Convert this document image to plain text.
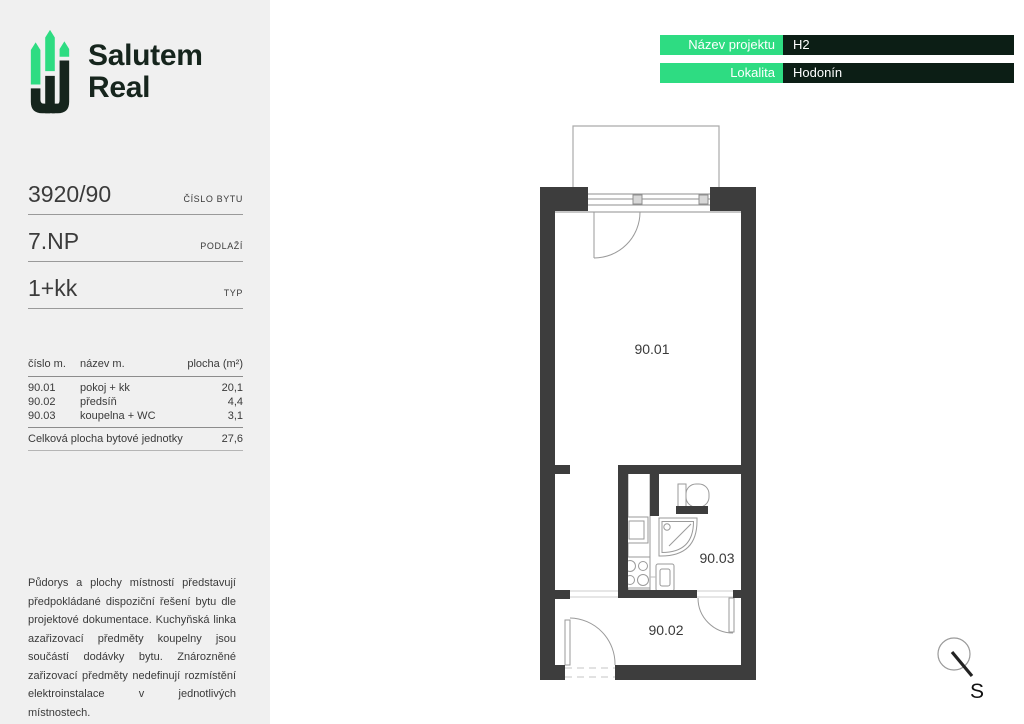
Salutem
Real
3920/90	ČÍSLO BYTU
7.NP	PODLAŽÍ
1+kk	TYP
číslo m.	název m.	plocha (m²)
90.01	pokoj + kk	20,1
90.02	předsíň	4,4
90.03	koupelna + WC	3,1
Celková plocha bytové jednotky	27,6

Půdorys a plochy místností představují předpokládané dispoziční řešení bytu dle projektové dokumentace. Kuchyňská linka azařizovací předměty koupelny jsou součástí dodávky bytu. Znározněné zařizovací předměty nedefinují rozmístění elektroinstalace v jednotlivých místnostech.

Název projektu	H2
Lokalita	Hodonín
90.01
90.02
90.03
S
